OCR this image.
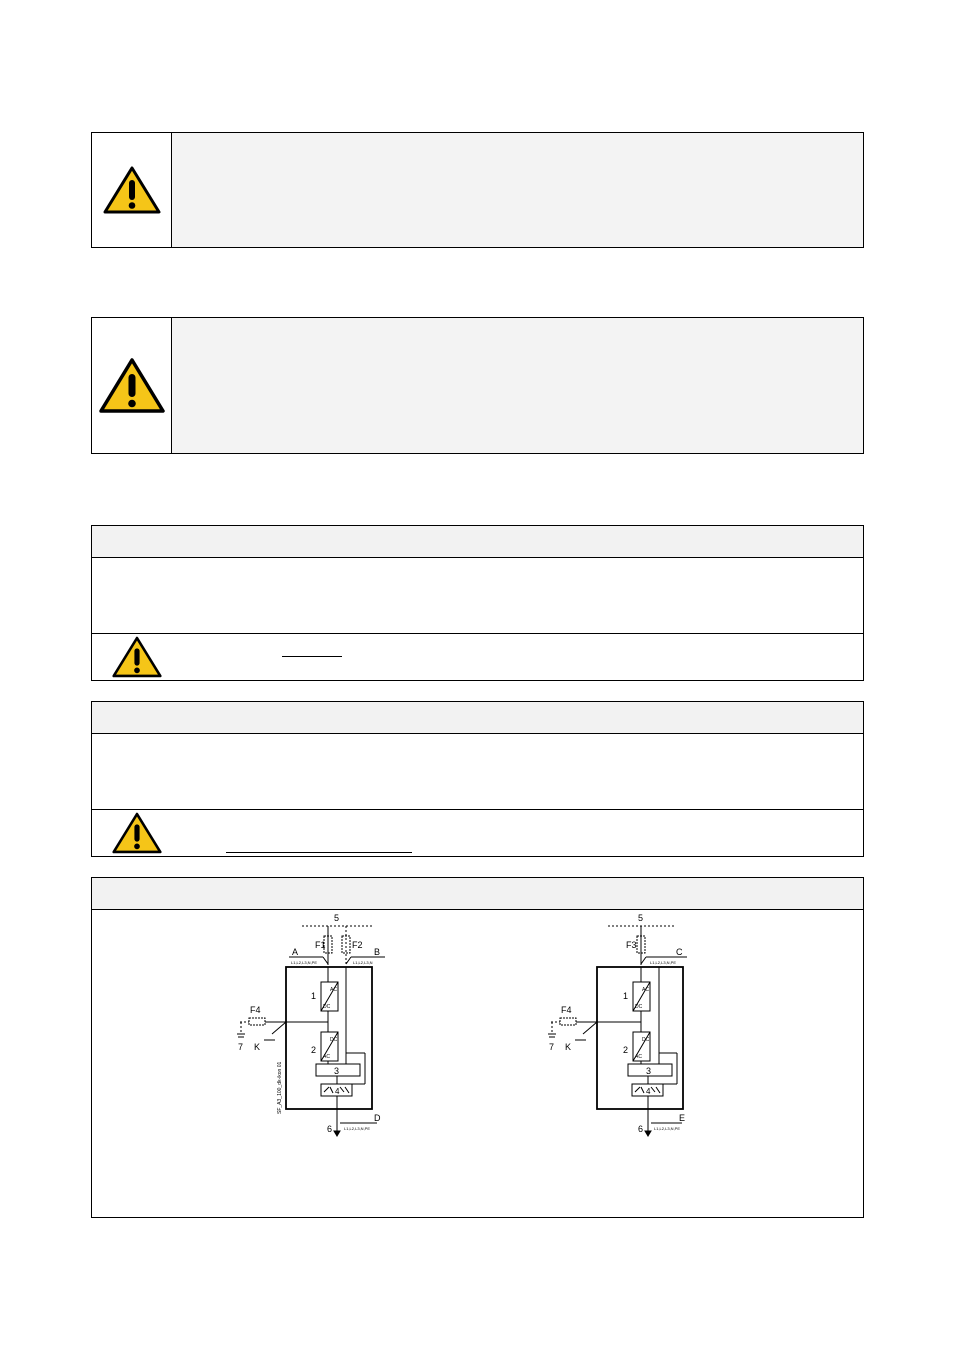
5
F1	F2
A	B
L1,L2,L3,N,PE	L1,L2,L3,N
AC
DC
1
DC
AC
2
3
4
D
L1,L2,L3,N,PE
6
F4
7 K
SF_A3_100_dk-ikon 01
5
F3
C
L1,L2,L3,N,PE
AC
DC
1
DC
AC
2
3
4
E
L1,L2,L3,N,PE
6
F4
7 K
